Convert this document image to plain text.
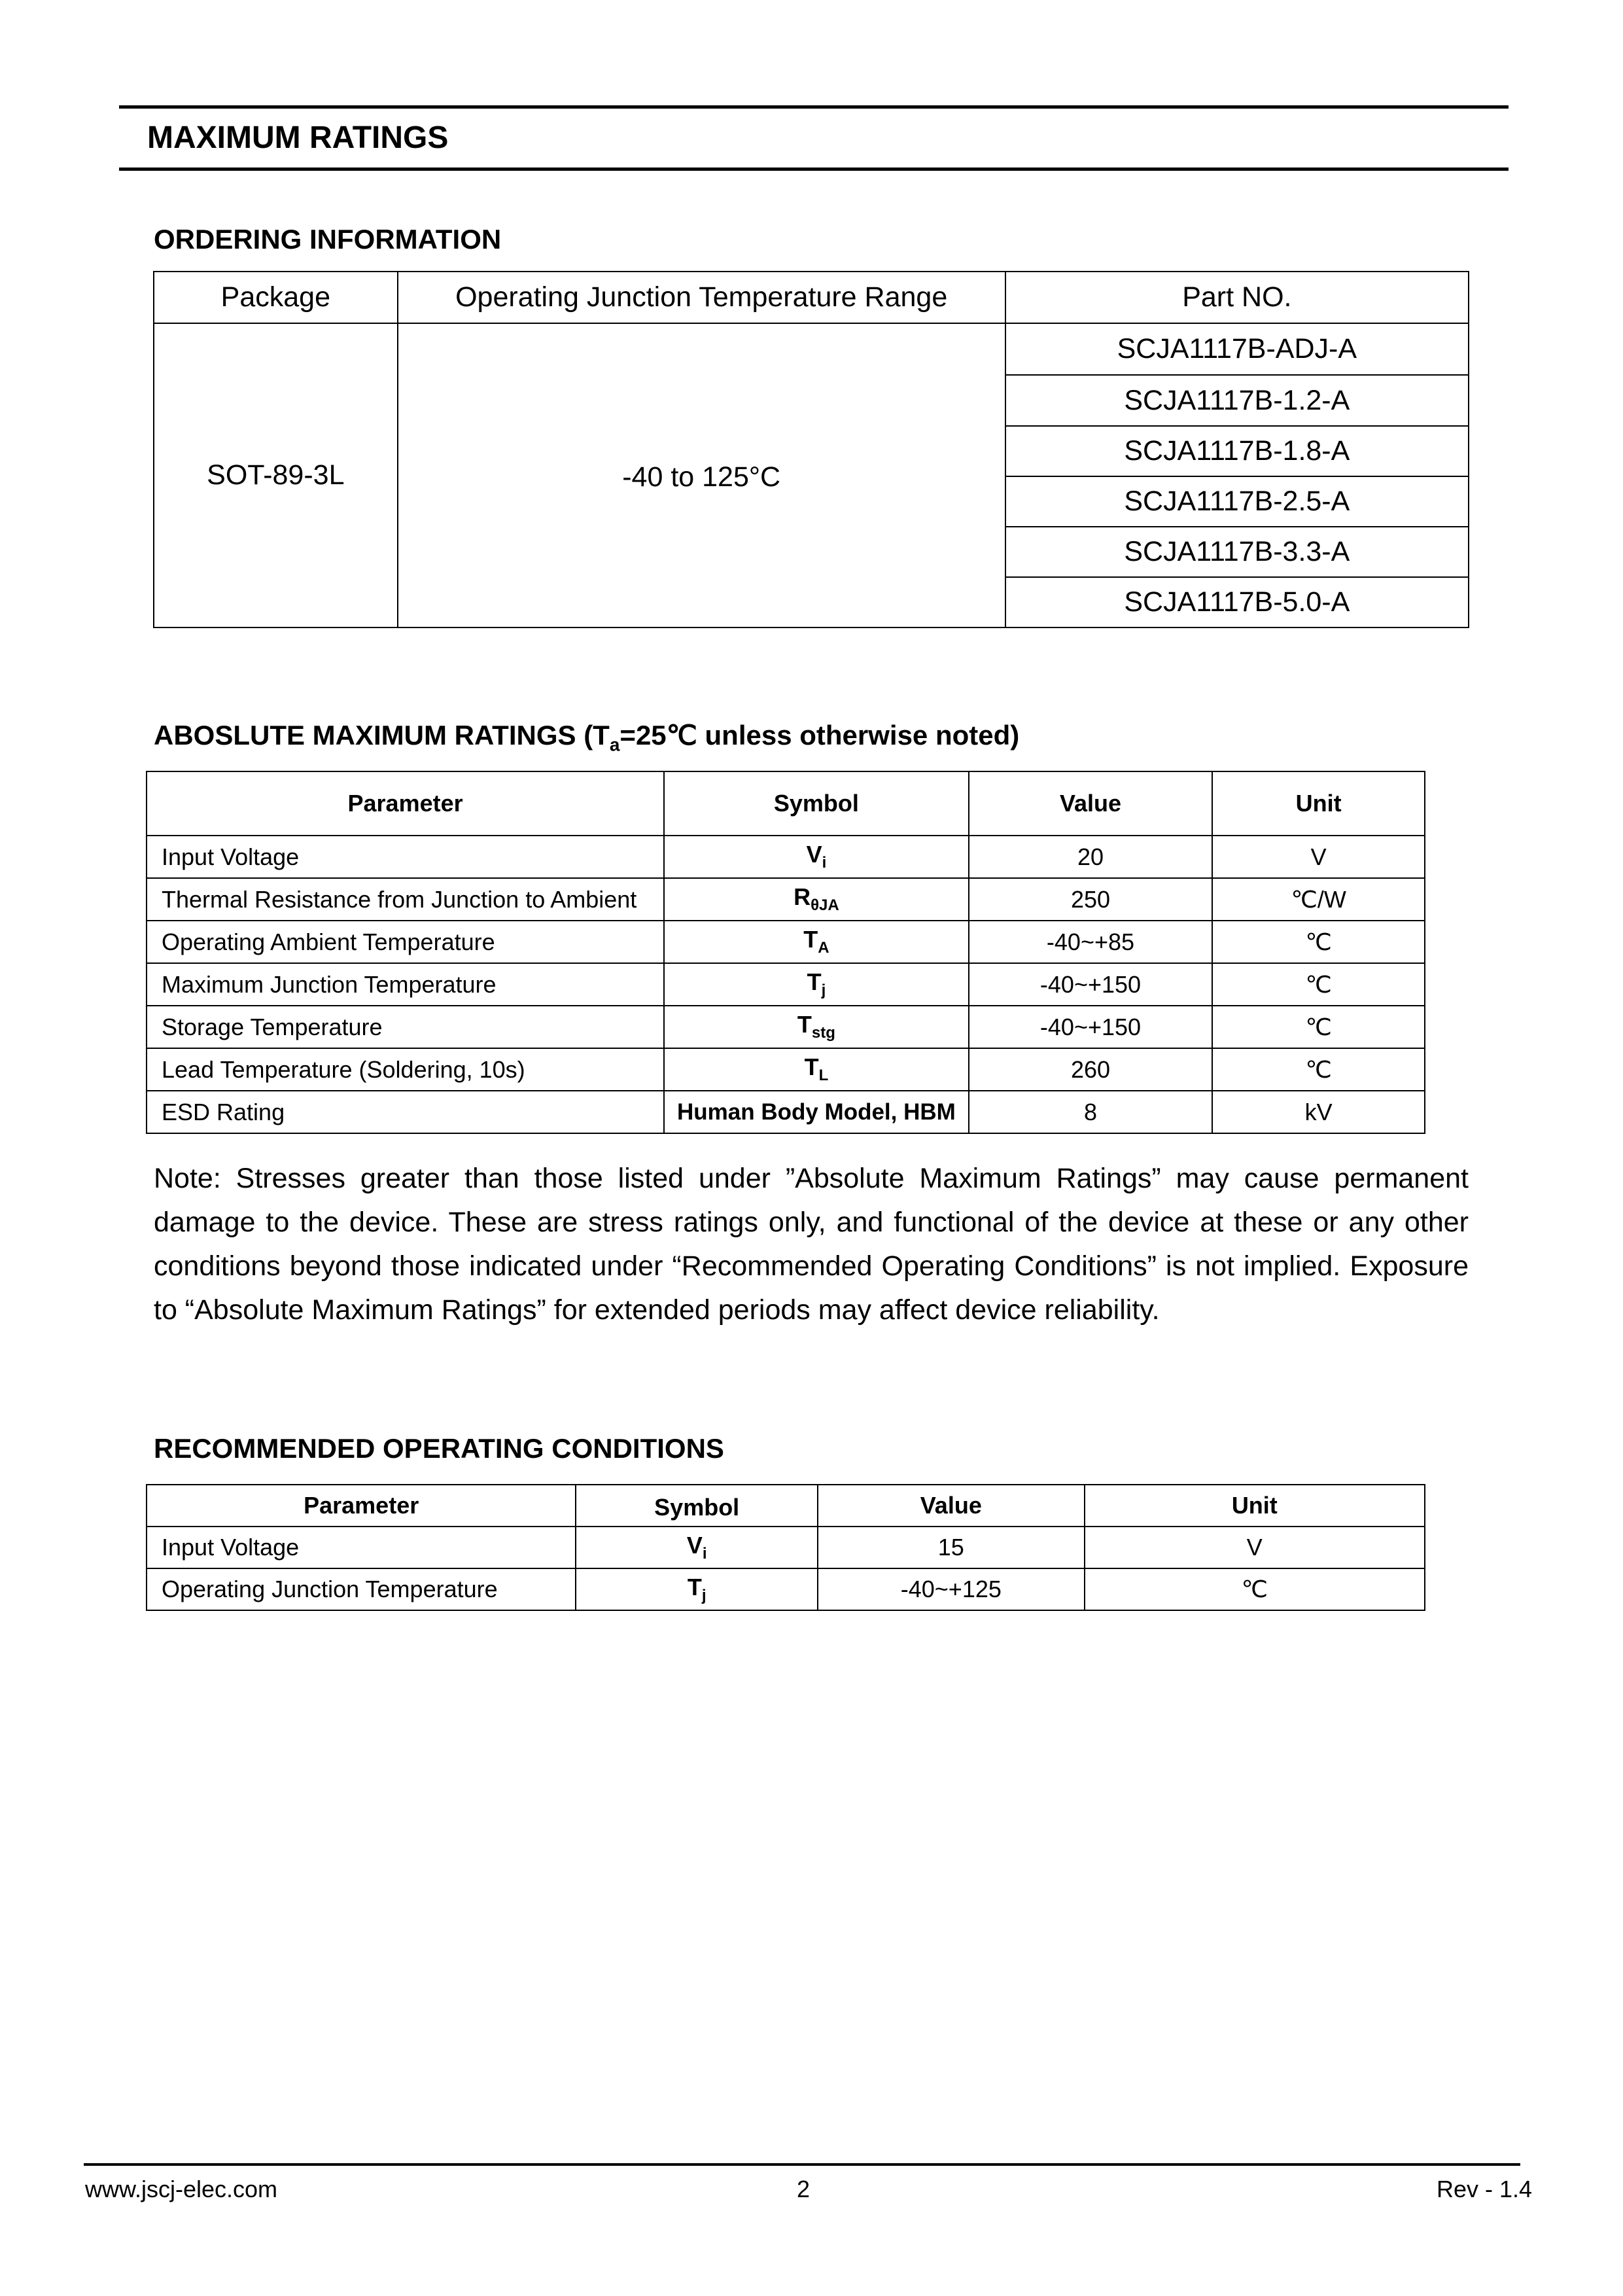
MAXIMUM RATINGS
ORDERING INFORMATION
Package	Operating Junction Temperature Range	Part NO.
SOT-89-3L	-40 to 125°C	SCJA1117B-ADJ-A
		SCJA1117B-1.2-A
		SCJA1117B-1.8-A
		SCJA1117B-2.5-A
		SCJA1117B-3.3-A
		SCJA1117B-5.0-A
ABOSLUTE MAXIMUM RATINGS ($T_a=25℃$ unless otherwise noted)
Parameter	Symbol	Value	Unit
Input Voltage	$V_i$	20	V
Thermal Resistance from Junction to Ambient	$R_{\theta JA}$	250	℃/W
Operating Ambient Temperature	$T_A$	-40~+85	℃
Maximum Junction Temperature	$T_j$	-40~+150	℃
Storage Temperature	$T_{stg}$	-40~+150	℃
Lead Temperature (Soldering, 10s)	$T_L$	260	℃
ESD Rating	Human Body Model, HBM	8	kV
Note: Stresses greater than those listed under ”Absolute Maximum Ratings” may cause permanent damage to the device. These are stress ratings only, and functional of the device at these or any other conditions beyond those indicated under “Recommended Operating Conditions” is not implied. Exposure to “Absolute Maximum Ratings” for extended periods may affect device reliability.
RECOMMENDED OPERATING CONDITIONS
Parameter	Symbol	Value	Unit
Input Voltage	$V_i$	15	V
Operating Junction Temperature	$T_j$	-40~+125	℃
www.jscj-elec.com	2	Rev - 1.4
